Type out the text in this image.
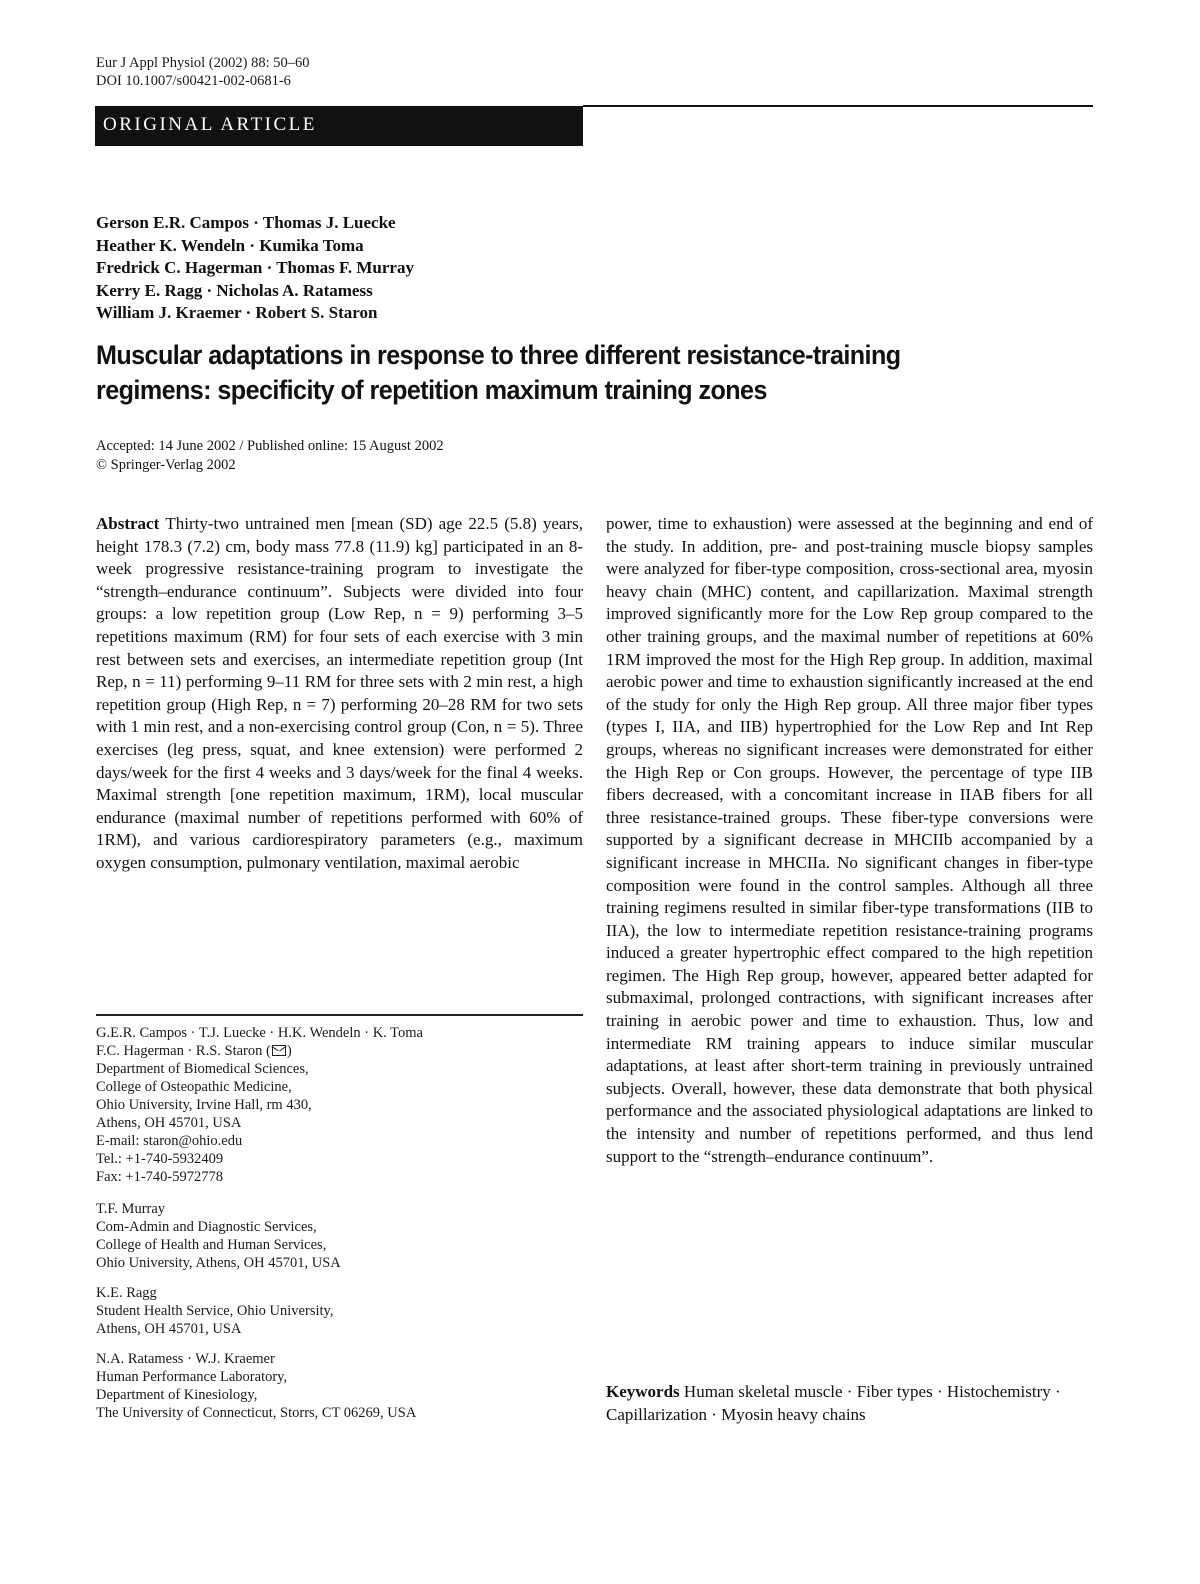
Eur J Appl Physiol (2002) 88: 50–60
DOI 10.1007/s00421-002-0681-6
ORIGINAL ARTICLE
Gerson E.R. Campos · Thomas J. Luecke
Heather K. Wendeln · Kumika Toma
Fredrick C. Hagerman · Thomas F. Murray
Kerry E. Ragg · Nicholas A. Ratamess
William J. Kraemer · Robert S. Staron
Muscular adaptations in response to three different resistance-training
regimens: specificity of repetition maximum training zones
Accepted: 14 June 2002 / Published online: 15 August 2002
© Springer-Verlag 2002
Abstract Thirty-two untrained men [mean (SD) age 22.5 (5.8) years, height 178.3 (7.2) cm, body mass 77.8 (11.9) kg] participated in an 8-week progressive resistance-training program to investigate the “strength–endurance continuum”. Subjects were divided into four groups: a low repetition group (Low Rep, n = 9) performing 3–5 repetitions maximum (RM) for four sets of each exercise with 3 min rest between sets and exercises, an intermediate repetition group (Int Rep, n = 11) performing 9–11 RM for three sets with 2 min rest, a high repetition group (High Rep, n = 7) performing 20–28 RM for two sets with 1 min rest, and a non-exercising control group (Con, n = 5). Three exercises (leg press, squat, and knee extension) were performed 2 days/week for the first 4 weeks and 3 days/week for the final 4 weeks. Maximal strength [one repetition maximum, 1RM), local muscular endurance (maximal number of repetitions performed with 60% of 1RM), and various cardiorespiratory parameters (e.g., maximum oxygen consumption, pulmonary ventilation, maximal aerobic
G.E.R. Campos · T.J. Luecke · H.K. Wendeln · K. Toma
F.C. Hagerman · R.S. Staron ( )
Department of Biomedical Sciences,
College of Osteopathic Medicine,
Ohio University, Irvine Hall, rm 430,
Athens, OH 45701, USA
E-mail: staron@ohio.edu
Tel.: +1-740-5932409
Fax: +1-740-5972778
T.F. Murray
Com-Admin and Diagnostic Services,
College of Health and Human Services,
Ohio University, Athens, OH 45701, USA
K.E. Ragg
Student Health Service, Ohio University,
Athens, OH 45701, USA
N.A. Ratamess · W.J. Kraemer
Human Performance Laboratory,
Department of Kinesiology,
The University of Connecticut, Storrs, CT 06269, USA
power, time to exhaustion) were assessed at the beginning and end of the study. In addition, pre- and post-training muscle biopsy samples were analyzed for fiber-type composition, cross-sectional area, myosin heavy chain (MHC) content, and capillarization. Maximal strength improved significantly more for the Low Rep group compared to the other training groups, and the maximal number of repetitions at 60% 1RM improved the most for the High Rep group. In addition, maximal aerobic power and time to exhaustion significantly increased at the end of the study for only the High Rep group. All three major fiber types (types I, IIA, and IIB) hypertrophied for the Low Rep and Int Rep groups, whereas no significant increases were demonstrated for either the High Rep or Con groups. However, the percentage of type IIB fibers decreased, with a concomitant increase in IIAB fibers for all three resistance-trained groups. These fiber-type conversions were supported by a significant decrease in MHCIIb accompanied by a significant increase in MHCIIa. No significant changes in fiber-type composition were found in the control samples. Although all three training regimens resulted in similar fiber-type transformations (IIB to IIA), the low to intermediate repetition resistance-training programs induced a greater hypertrophic effect compared to the high repetition regimen. The High Rep group, however, appeared better adapted for submaximal, prolonged contractions, with significant increases after training in aerobic power and time to exhaustion. Thus, low and intermediate RM training appears to induce similar muscular adaptations, at least after short-term training in previously untrained subjects. Overall, however, these data demonstrate that both physical performance and the associated physiological adaptations are linked to the intensity and number of repetitions performed, and thus lend support to the “strength–endurance continuum”.
Keywords Human skeletal muscle · Fiber types · Histochemistry · Capillarization · Myosin heavy chains
